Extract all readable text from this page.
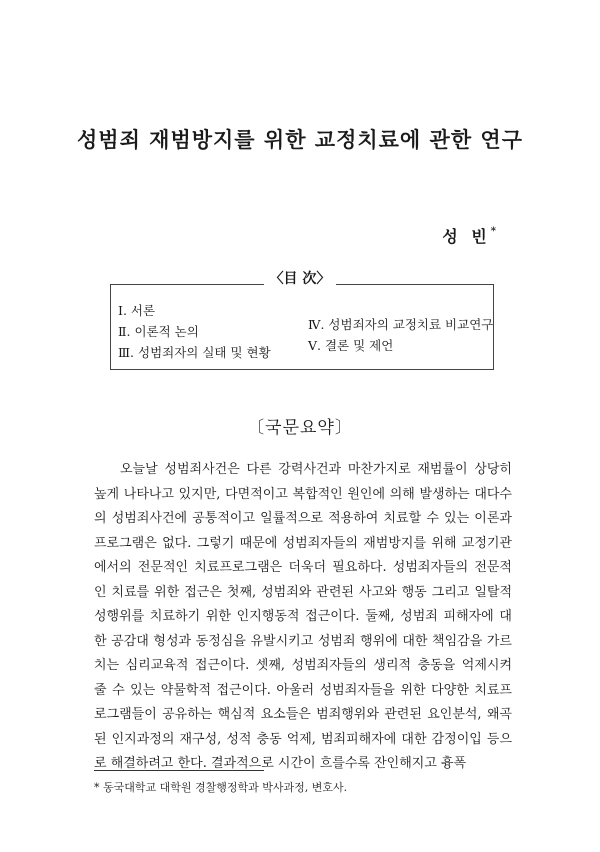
성범죄 재범방지를 위한 교정치료에 관한 연구
성 빈*
〈目 次〉
Ⅰ. 서론
Ⅱ. 이론적 논의
Ⅲ. 성범죄자의 실태 및 현황
Ⅳ. 성범죄자의 교정치료 비교연구
Ⅴ. 결론 및 제언
〔국문요약〕
오늘날 성범죄사건은 다른 강력사건과 마찬가지로 재범률이 상당히 높게 나타나고 있지만, 다면적이고 복합적인 원인에 의해 발생하는 대다수의 성범죄사건에 공통적이고 일률적으로 적용하여 치료할 수 있는 이론과 프로그램은 없다. 그렇기 때문에 성범죄자들의 재범방지를 위해 교정기관에서의 전문적인 치료프로그램은 더욱더 필요하다. 성범죄자들의 전문적인 치료를 위한 접근은 첫째, 성범죄와 관련된 사고와 행동 그리고 일탈적 성행위를 치료하기 위한 인지행동적 접근이다. 둘째, 성범죄 피해자에 대한 공감대 형성과 동정심을 유발시키고 성범죄 행위에 대한 책임감을 가르치는 심리교육적 접근이다. 셋째, 성범죄자들의 생리적 충동을 억제시켜 줄 수 있는 약물학적 접근이다. 아울러 성범죄자들을 위한 다양한 치료프로그램들이 공유하는 핵심적 요소들은 범죄행위와 관련된 요인분석, 왜곡된 인지과정의 재구성, 성적 충동 억제, 범죄피해자에 대한 감정이입 등으로 해결하려고 한다. 결과적으로 시간이 흐를수록 잔인해지고 흉폭
* 동국대학교 대학원 경찰행정학과 박사과정, 변호사.
